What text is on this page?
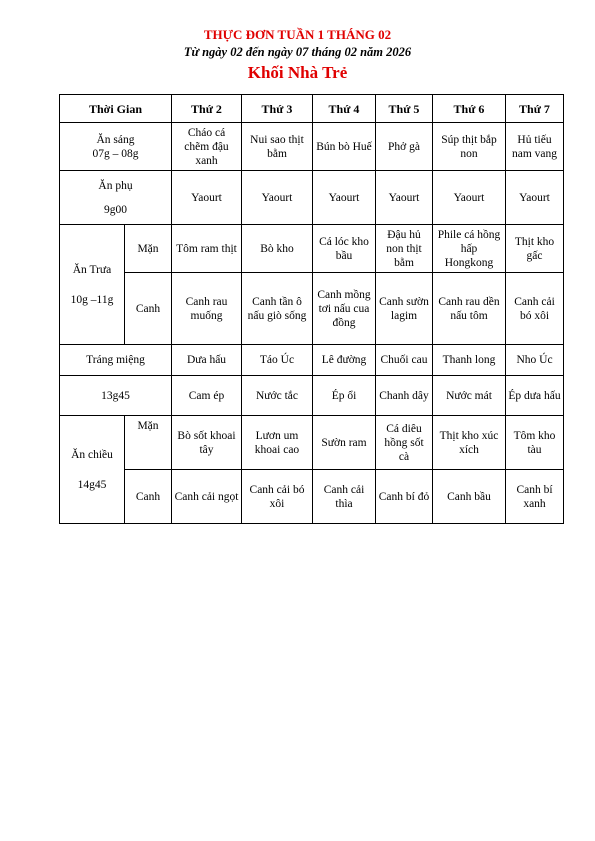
THỰC ĐƠN TUẦN 1 THÁNG 02
Từ ngày 02 đến ngày 07 tháng 02 năm 2026
Khối Nhà Trẻ
Thời Gian		Thứ 2	Thứ 3	Thứ 4	Thứ 5	Thứ 6	Thứ 7

Ăn sáng
07g – 08g		Cháo cá chẽm đậu xanh	Nui sao thịt bằm	Bún bò Huế	Phở gà	Súp thịt bắp non	Hủ tiếu nam vang

Ăn phụ
9g00		Yaourt	Yaourt	Yaourt	Yaourt	Yaourt	Yaourt

Ăn Trưa
10g –11g	Mặn	Tôm ram thịt	Bò kho	Cá lóc kho bầu	Đậu hủ non thịt bằm	Phile cá hồng hấp Hongkong	Thịt kho gấc
	Canh	Canh rau muống	Canh tần ô nấu giò sống	Canh mồng tơi nấu cua đồng	Canh sườn lagim	Canh rau dền nấu tôm	Canh cải bó xôi
Tráng miệng		Dưa hấu	Táo Úc	Lê đường	Chuối cau	Thanh long	Nho Úc
13g45		Cam ép	Nước tắc	Ép ổi	Chanh dây	Nước mát	Ép dưa hấu

Ăn chiều
14g45	Mặn	Bò sốt khoai tây	Lươn um khoai cao	Sườn ram	Cá diêu hồng sốt cà	Thịt kho xúc xích	Tôm kho tàu
	Canh	Canh cải ngọt	Canh cải bó xôi	Canh cải thìa	Canh bí đỏ	Canh bầu	Canh bí xanh
